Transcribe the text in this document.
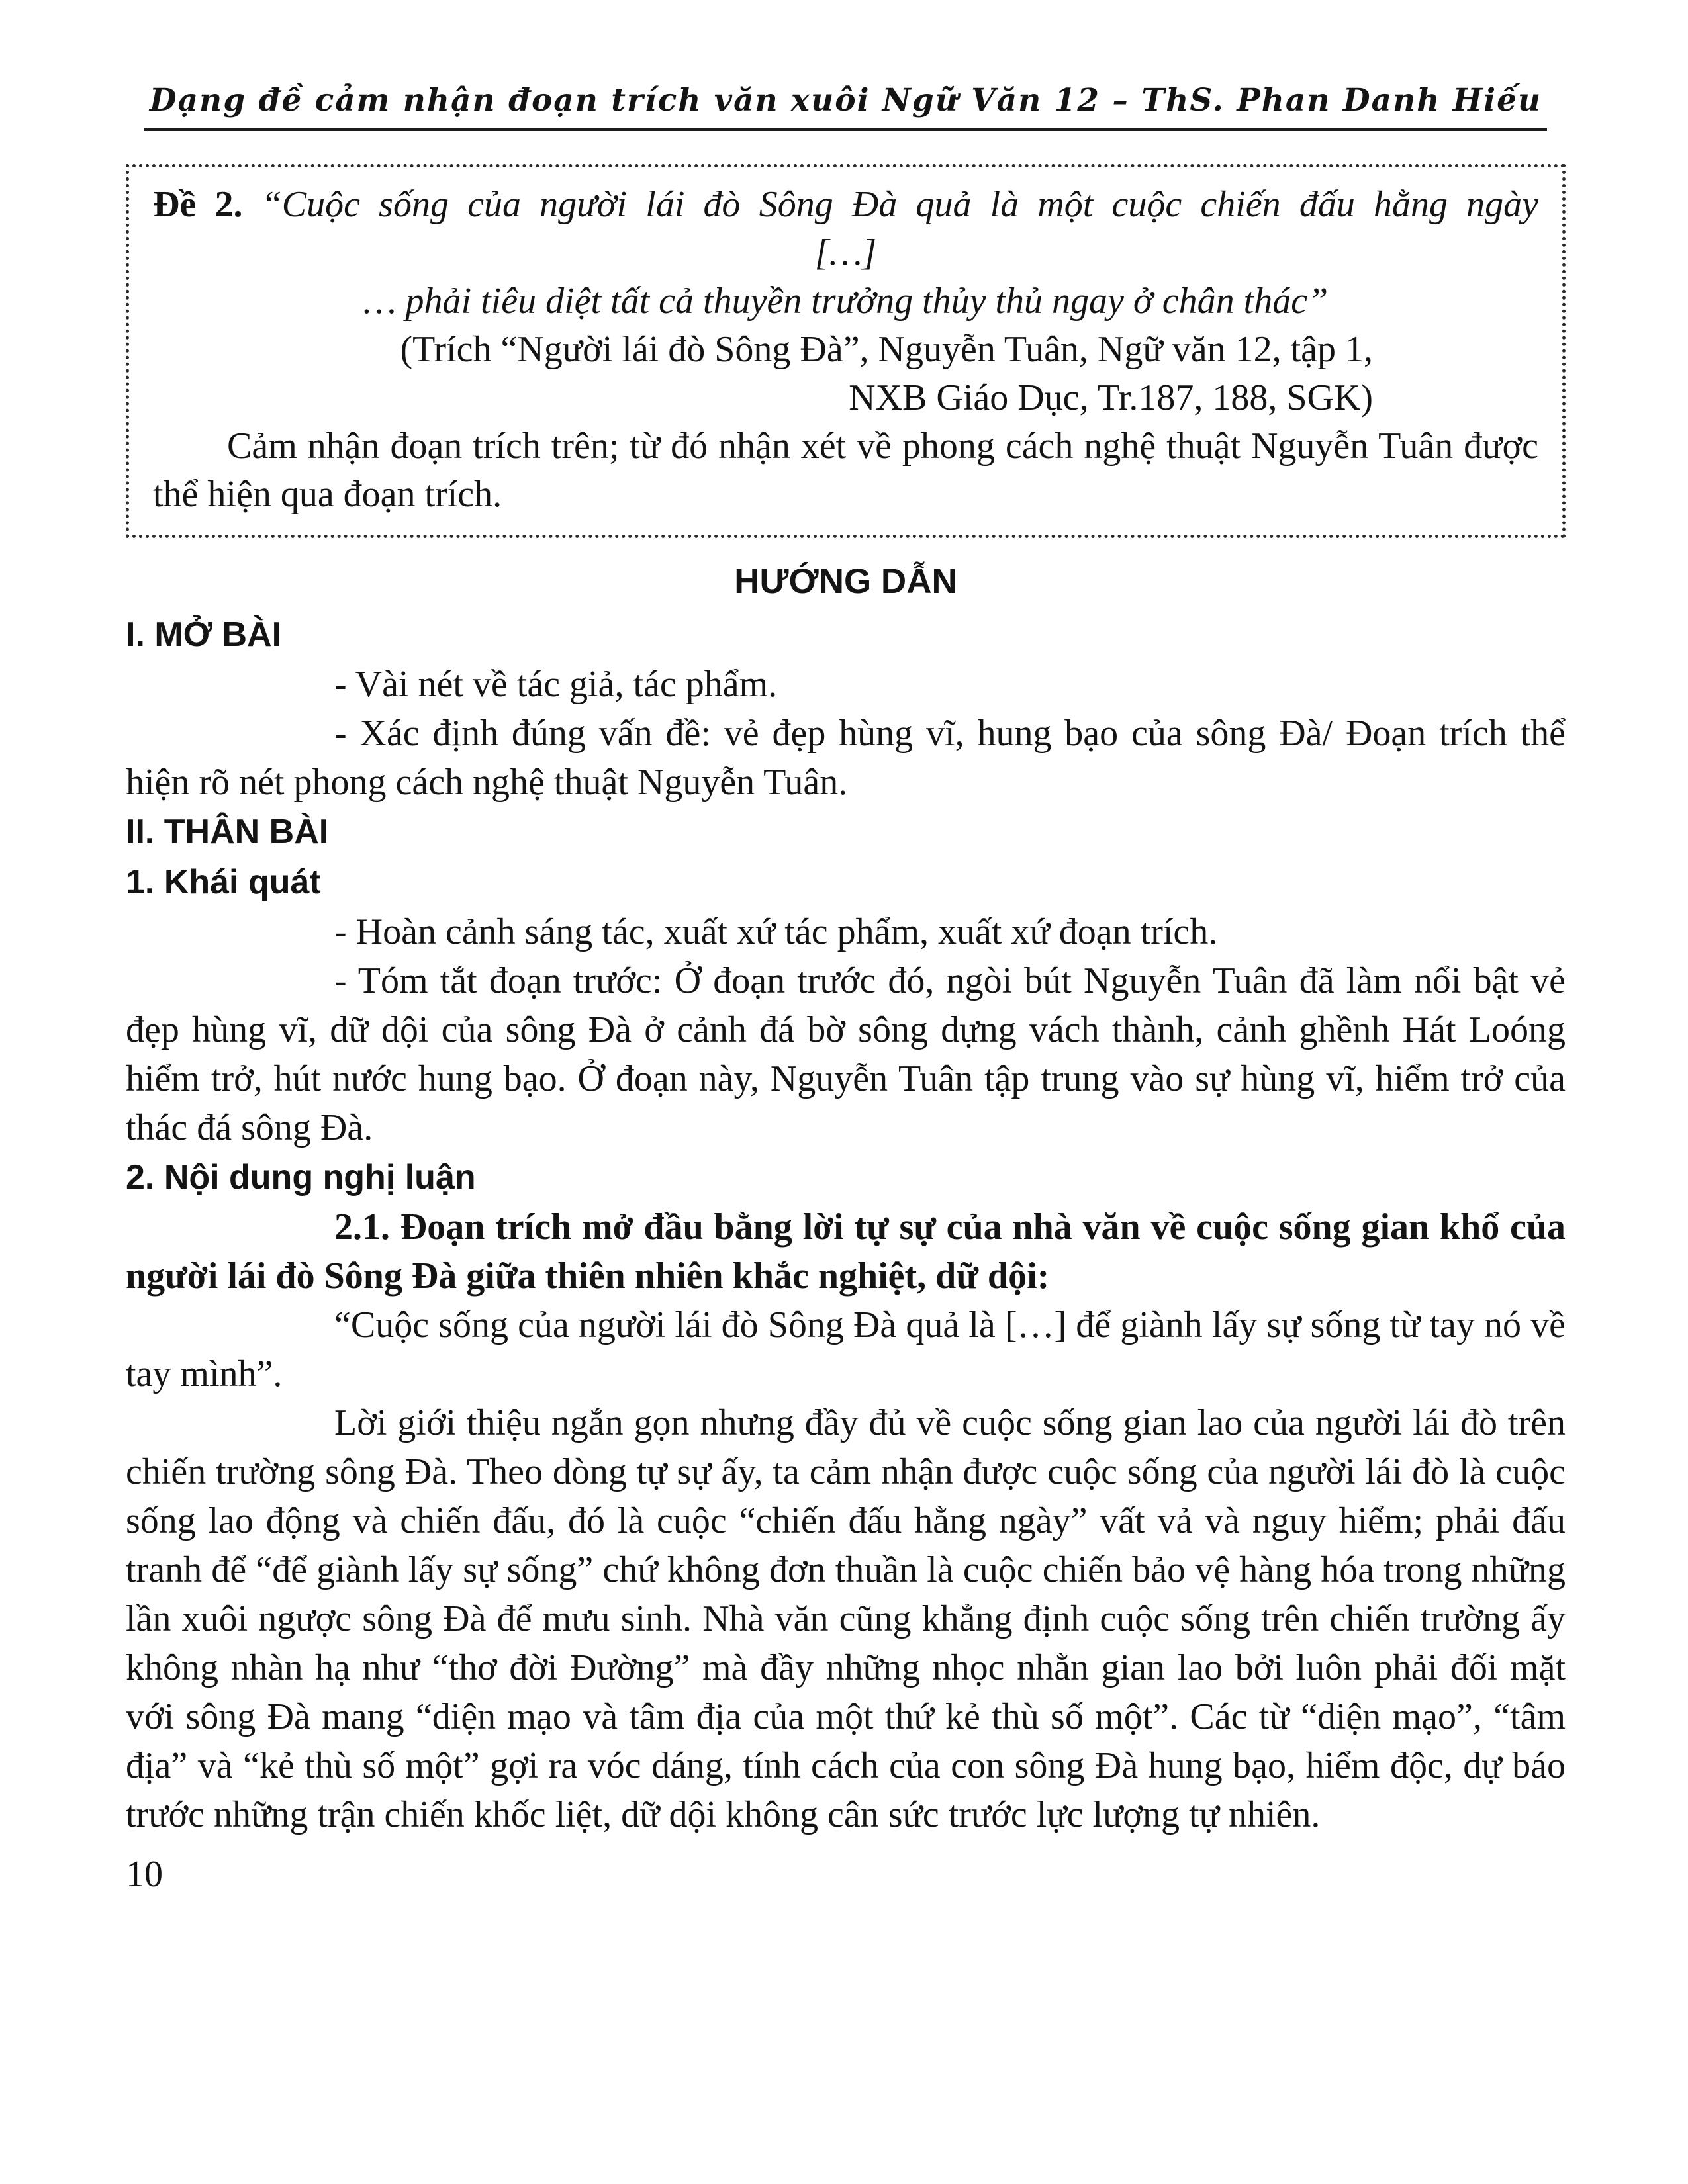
Dạng đề cảm nhận đoạn trích văn xuôi Ngữ Văn 12 – ThS. Phan Danh Hiếu

Đề 2. “Cuộc sống của người lái đò Sông Đà quả là một cuộc chiến đấu hằng ngày

[…]

… phải tiêu diệt tất cả thuyền trưởng thủy thủ ngay ở chân thác”

(Trích “Người lái đò Sông Đà”, Nguyễn Tuân, Ngữ văn 12, tập 1,

NXB Giáo Dục, Tr.187, 188, SGK)

Cảm nhận đoạn trích trên; từ đó nhận xét về phong cách nghệ thuật Nguyễn Tuân được thể hiện qua đoạn trích.

HƯỚNG DẪN
I. MỞ BÀI

- Vài nét về tác giả, tác phẩm.

- Xác định đúng vấn đề: vẻ đẹp hùng vĩ, hung bạo của sông Đà/ Đoạn trích thể hiện rõ nét phong cách nghệ thuật Nguyễn Tuân.

II. THÂN BÀI
1. Khái quát

- Hoàn cảnh sáng tác, xuất xứ tác phẩm, xuất xứ đoạn trích.

- Tóm tắt đoạn trước: Ở đoạn trước đó, ngòi bút Nguyễn Tuân đã làm nổi bật vẻ đẹp hùng vĩ, dữ dội của sông Đà ở cảnh đá bờ sông dựng vách thành, cảnh ghềnh Hát Loóng hiểm trở, hút nước hung bạo. Ở đoạn này, Nguyễn Tuân tập trung vào sự hùng vĩ, hiểm trở của thác đá sông Đà.

2. Nội dung nghị luận

2.1. Đoạn trích mở đầu bằng lời tự sự của nhà văn về cuộc sống gian khổ của người lái đò Sông Đà giữa thiên nhiên khắc nghiệt, dữ dội:

“Cuộc sống của người lái đò Sông Đà quả là […] để giành lấy sự sống từ tay nó về tay mình”.

Lời giới thiệu ngắn gọn nhưng đầy đủ về cuộc sống gian lao của người lái đò trên chiến trường sông Đà. Theo dòng tự sự ấy, ta cảm nhận được cuộc sống của người lái đò là cuộc sống lao động và chiến đấu, đó là cuộc “chiến đấu hằng ngày” vất vả và nguy hiểm; phải đấu tranh để “để giành lấy sự sống” chứ không đơn thuần là cuộc chiến bảo vệ hàng hóa trong những lần xuôi ngược sông Đà để mưu sinh. Nhà văn cũng khẳng định cuộc sống trên chiến trường ấy không nhàn hạ như “thơ đời Đường” mà đầy những nhọc nhằn gian lao bởi luôn phải đối mặt với sông Đà mang “diện mạo và tâm địa của một thứ kẻ thù số một”. Các từ “diện mạo”, “tâm địa” và “kẻ thù số một” gợi ra vóc dáng, tính cách của con sông Đà hung bạo, hiểm độc, dự báo trước những trận chiến khốc liệt, dữ dội không cân sức trước lực lượng tự nhiên.

10
